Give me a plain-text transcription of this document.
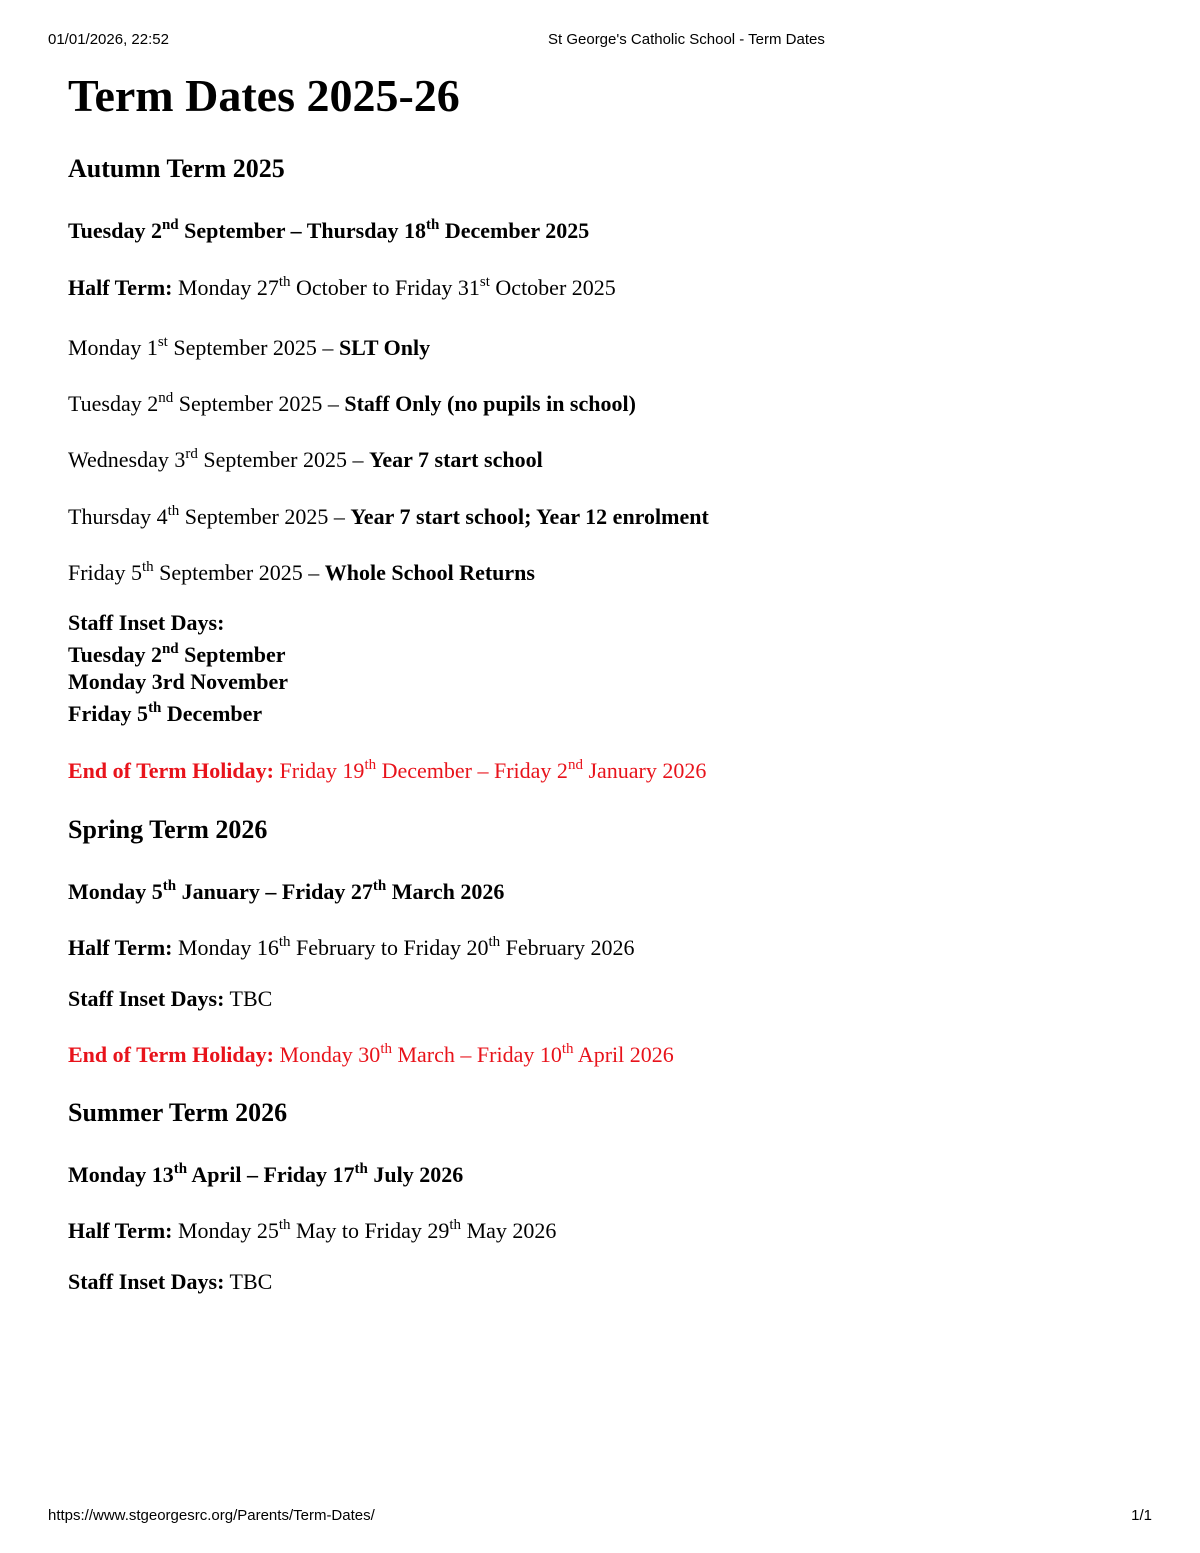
01/01/2026, 22:52	St George's Catholic School - Term Dates
Term Dates 2025-26
Autumn Term 2025
Tuesday 2nd September – Thursday 18th December 2025
Half Term: Monday 27th October to Friday 31st October 2025
Monday 1st September 2025 – SLT Only
Tuesday 2nd September 2025 – Staff Only (no pupils in school)
Wednesday 3rd September 2025 – Year 7 start school
Thursday 4th September 2025 – Year 7 start school; Year 12 enrolment
Friday 5th September 2025 – Whole School Returns
Staff Inset Days:
Tuesday 2nd September
Monday 3rd November
Friday 5th December
End of Term Holiday: Friday 19th December – Friday 2nd January 2026
Spring Term 2026
Monday 5th January – Friday 27th March 2026
Half Term: Monday 16th February to Friday 20th February 2026
Staff Inset Days: TBC
End of Term Holiday: Monday 30th March – Friday 10th April 2026
Summer Term 2026
Monday 13th April – Friday 17th July 2026
Half Term: Monday 25th May to Friday 29th May 2026
Staff Inset Days: TBC
https://www.stgeorgesrc.org/Parents/Term-Dates/	1/1
